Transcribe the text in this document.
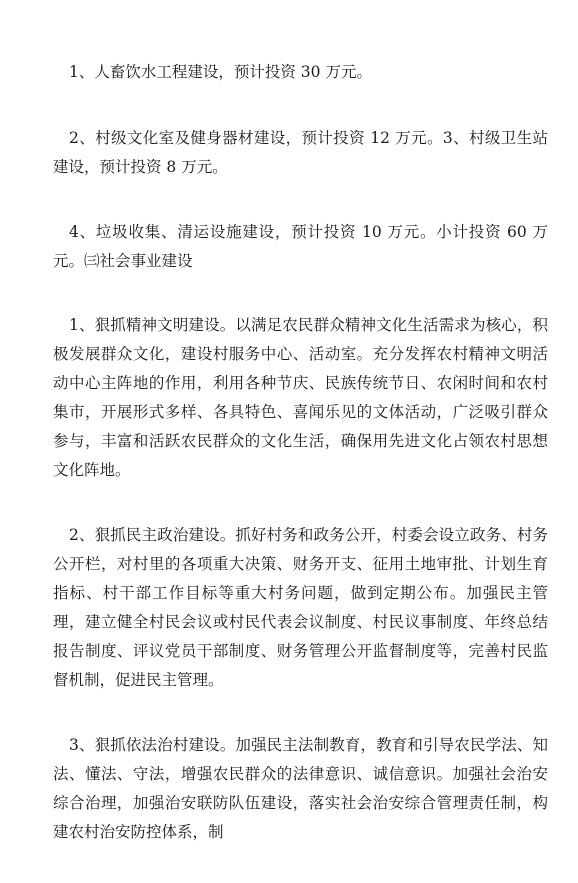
1、人畜饮水工程建设，预计投资 30 万元。

2、村级文化室及健身器材建设，预计投资 12 万元。3、村级卫生站建设，预计投资 8 万元。

4、垃圾收集、清运设施建设，预计投资 10 万元。小计投资 60 万元。㈢社会事业建设

1、狠抓精神文明建设。以满足农民群众精神文化生活需求为核心，积极发展群众文化，建设村服务中心、活动室。充分发挥农村精神文明活动中心主阵地的作用，利用各种节庆、民族传统节日、农闲时间和农村集市，开展形式多样、各具特色、喜闻乐见的文体活动，广泛吸引群众参与，丰富和活跃农民群众的文化生活，确保用先进文化占领农村思想文化阵地。

2、狠抓民主政治建设。抓好村务和政务公开，村委会设立政务、村务公开栏，对村里的各项重大决策、财务开支、征用土地审批、计划生育指标、村干部工作目标等重大村务问题，做到定期公布。加强民主管理，建立健全村民会议或村民代表会议制度、村民议事制度、年终总结报告制度、评议党员干部制度、财务管理公开监督制度等，完善村民监督机制，促进民主管理。

3、狠抓依法治村建设。加强民主法制教育，教育和引导农民学法、知法、懂法、守法，增强农民群众的法律意识、诚信意识。加强社会治安综合治理，加强治安联防队伍建设，落实社会治安综合管理责任制，构建农村治安防控体系，制
